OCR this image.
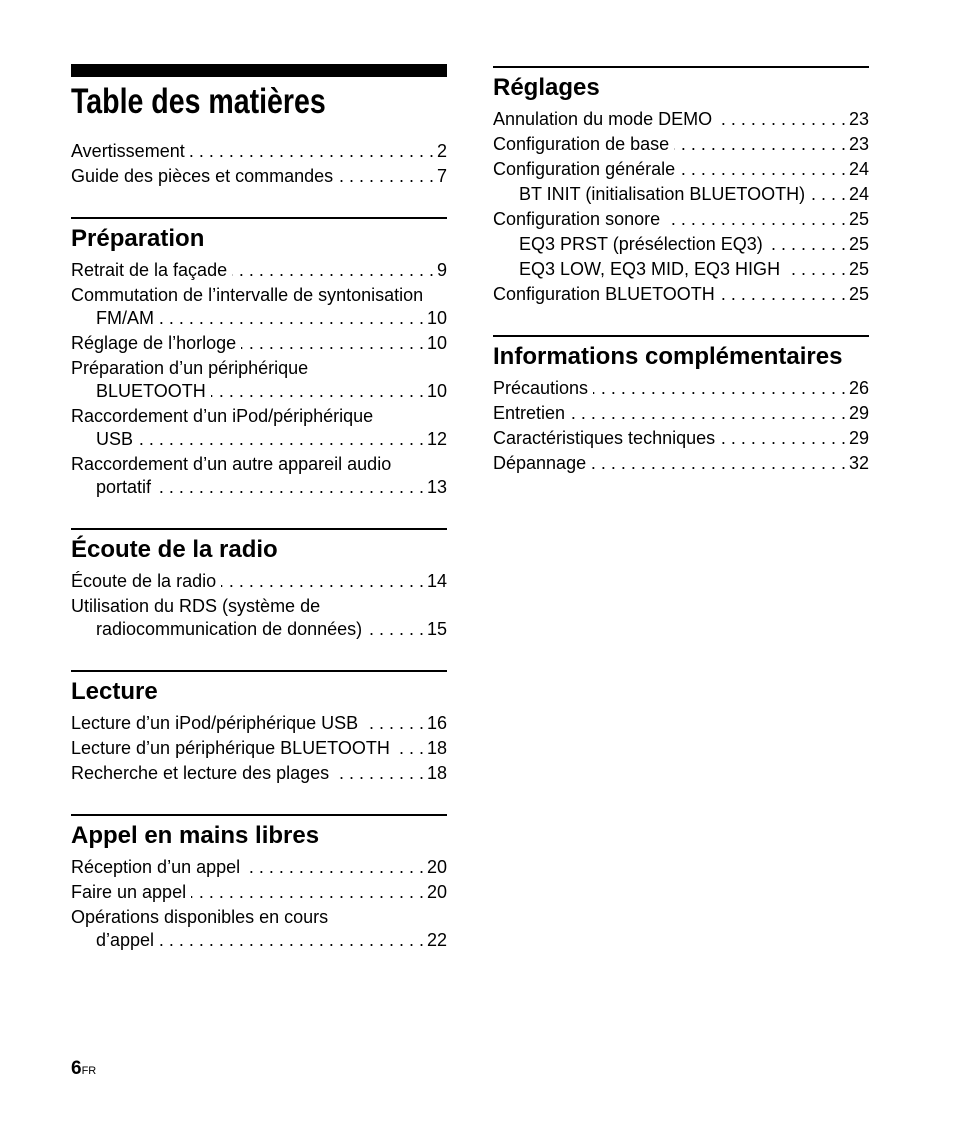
Table des matières
Avertissement . . .	2
Guide des pièces et commandes . . .	7
Préparation
Retrait de la façade . . .	9
Commutation de l’intervalle de syntonisation
FM/AM . . .	10
Réglage de l’horloge . . .	10
Préparation d’un périphérique
BLUETOOTH . . .	10
Raccordement d’un iPod/périphérique
USB . . .	12
Raccordement d’un autre appareil audio
portatif . . .	13
Écoute de la radio
Écoute de la radio . . .	14
Utilisation du RDS (système de
radiocommunication de données) . . .	15
Lecture
Lecture d’un iPod/périphérique USB . . .	16
Lecture d’un périphérique BLUETOOTH . . . 18
Recherche et lecture des plages . . .	18
Appel en mains libres
Réception d’un appel . . .	20
Faire un appel . . .	20
Opérations disponibles en cours
d’appel . . .	22
Réglages
Annulation du mode DEMO . . .	23
Configuration de base . . .	23
Configuration générale . . .	24
BT INIT (initialisation BLUETOOTH) . . . 24
Configuration sonore . . .	25
EQ3 PRST (présélection EQ3) . . .	25
EQ3 LOW, EQ3 MID, EQ3 HIGH . . .	25
Configuration BLUETOOTH . . .	25
Informations complémentaires
Précautions . . .	26
Entretien . . .	29
Caractéristiques techniques . . .	29
Dépannage . . .	32
6FR
